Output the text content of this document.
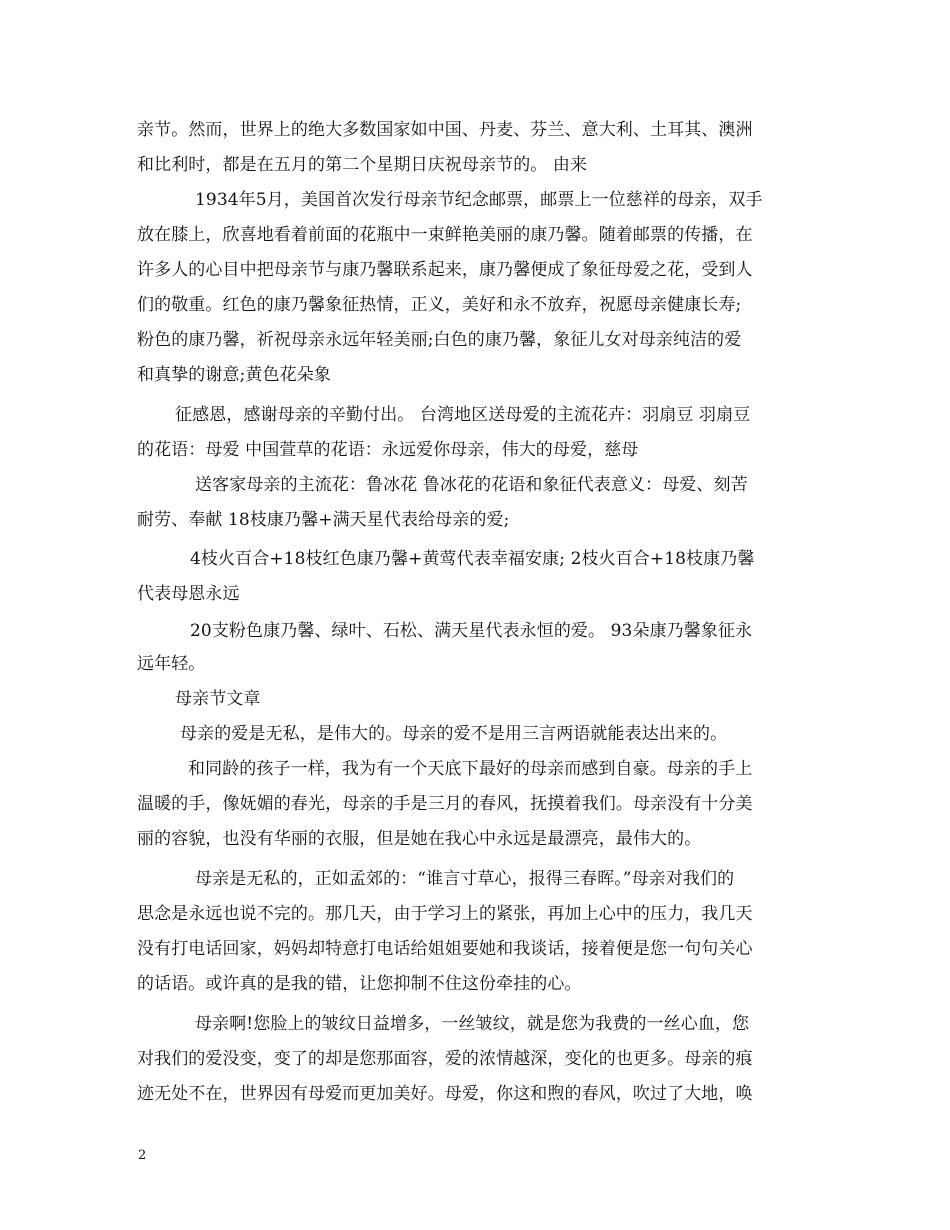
亲节。然而，世界上的绝大多数国家如中国、丹麦、芬兰、意大利、土耳其、澳洲
和比利时，都是在五月的第二个星期日庆祝母亲节的。 由来
1934年5月，美国首次发行母亲节纪念邮票，邮票上一位慈祥的母亲，双手
放在膝上，欣喜地看着前面的花瓶中一束鲜艳美丽的康乃馨。随着邮票的传播，在
许多人的心目中把母亲节与康乃馨联系起来，康乃馨便成了象征母爱之花，受到人
们的敬重。红色的康乃馨象征热情，正义，美好和永不放弃，祝愿母亲健康长寿;
粉色的康乃馨，祈祝母亲永远年轻美丽;白色的康乃馨，象征儿女对母亲纯洁的爱
和真挚的谢意;黄色花朵象
征感恩，感谢母亲的辛勤付出。 台湾地区送母爱的主流花卉：羽扇豆 羽扇豆
的花语：母爱 中国萱草的花语：永远爱你母亲，伟大的母爱，慈母
送客家母亲的主流花：鲁冰花 鲁冰花的花语和象征代表意义：母爱、刻苦
耐劳、奉献 18枝康乃馨+满天星代表给母亲的爱;
4枝火百合+18枝红色康乃馨+黄莺代表幸福安康; 2枝火百合+18枝康乃馨
代表母恩永远
20支粉色康乃馨、绿叶、石松、满天星代表永恒的爱。 93朵康乃馨象征永
远年轻。
母亲节文章
母亲的爱是无私，是伟大的。母亲的爱不是用三言两语就能表达出来的。
和同龄的孩子一样，我为有一个天底下最好的母亲而感到自豪。母亲的手上
温暖的手，像妩媚的春光，母亲的手是三月的春风，抚摸着我们。母亲没有十分美
丽的容貌，也没有华丽的衣服，但是她在我心中永远是最漂亮，最伟大的。
母亲是无私的，正如孟郊的：“谁言寸草心，报得三春晖。”母亲对我们的
思念是永远也说不完的。那几天，由于学习上的紧张，再加上心中的压力，我几天
没有打电话回家，妈妈却特意打电话给姐姐要她和我谈话，接着便是您一句句关心
的话语。或许真的是我的错，让您抑制不住这份牵挂的心。
母亲啊!您脸上的皱纹日益增多，一丝皱纹，就是您为我费的一丝心血，您
对我们的爱没变，变了的却是您那面容，爱的浓情越深，变化的也更多。母亲的痕
迹无处不在，世界因有母爱而更加美好。母爱，你这和煦的春风，吹过了大地，唤
2
